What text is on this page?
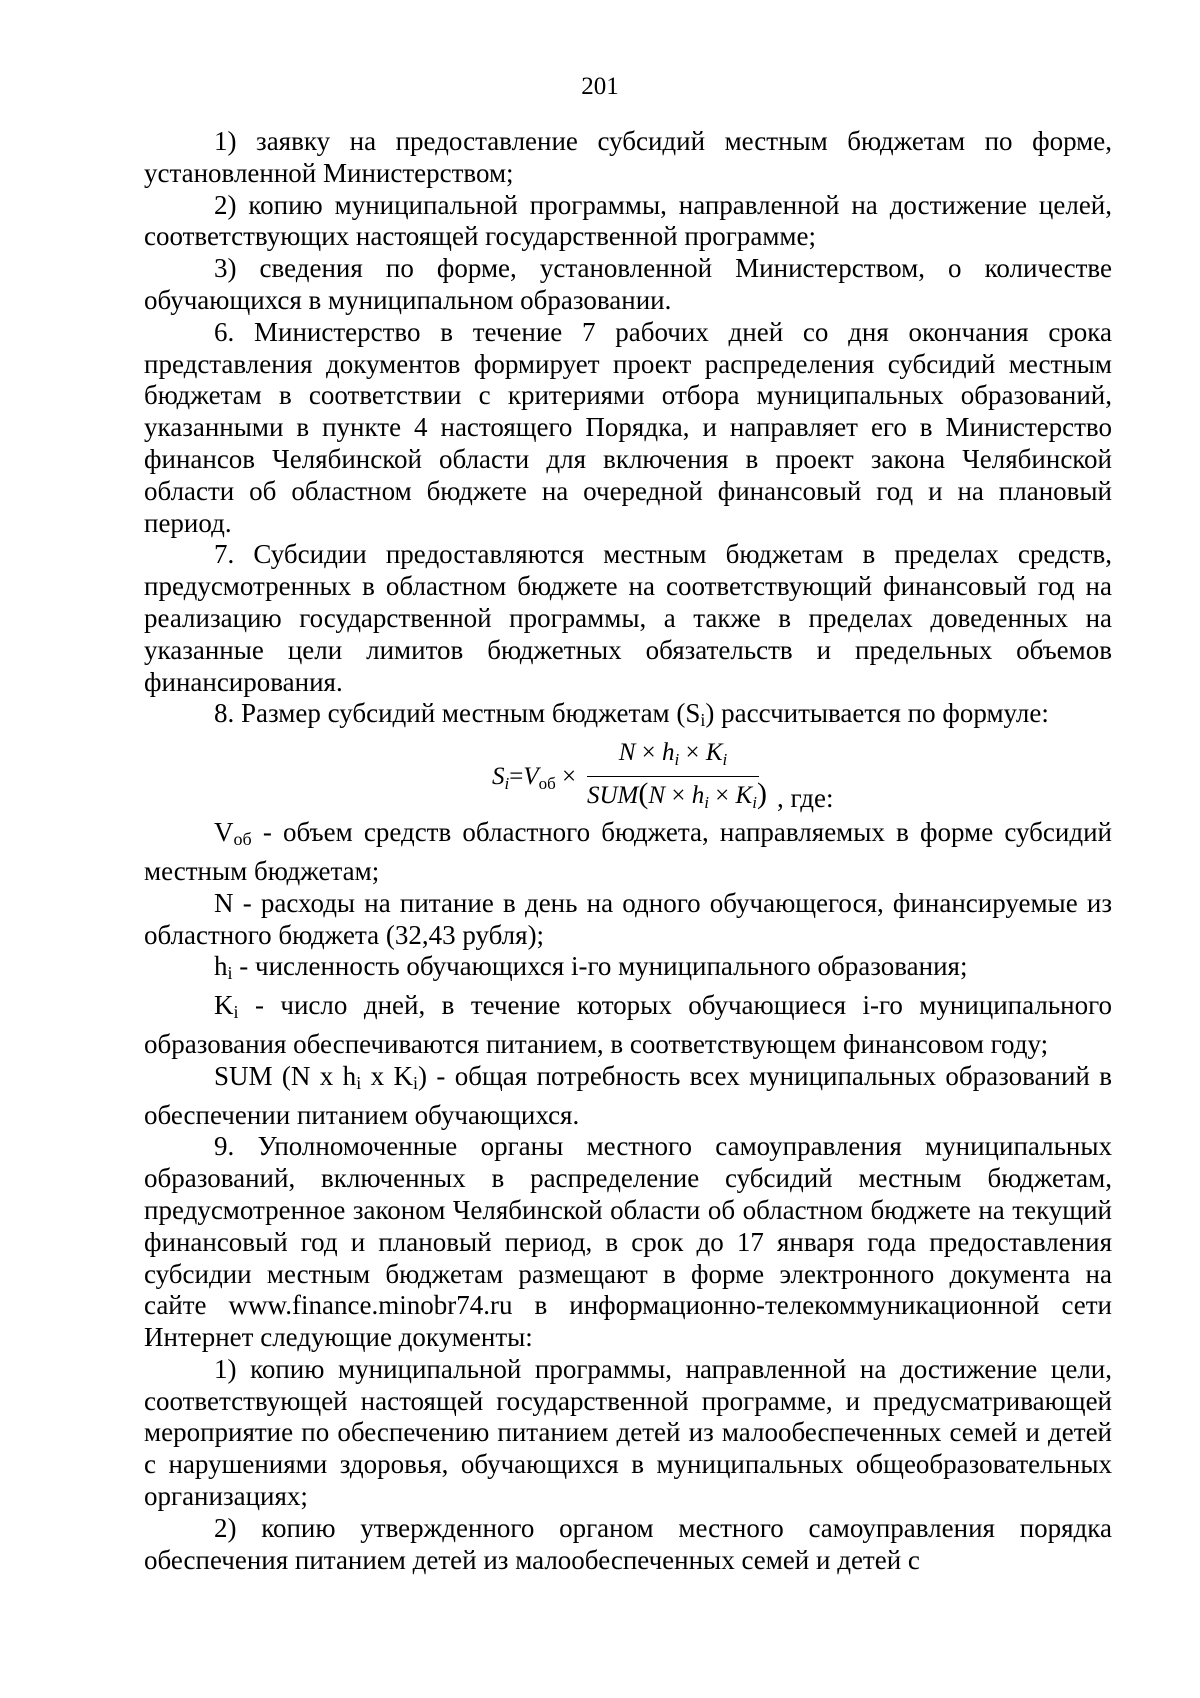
201

1) заявку на предоставление субсидий местным бюджетам по форме, установленной Министерством;

2) копию муниципальной программы, направленной на достижение целей, соответствующих настоящей государственной программе;

3) сведения по форме, установленной Министерством, о количестве обучающихся в муниципальном образовании.

6. Министерство в течение 7 рабочих дней со дня окончания срока представления документов формирует проект распределения субсидий местным бюджетам в соответствии с критериями отбора муниципальных образований, указанными в пункте 4 настоящего Порядка, и направляет его в Министерство финансов Челябинской области для включения в проект закона Челябинской области об областном бюджете на очередной финансовый год и на плановый период.

7. Субсидии предоставляются местным бюджетам в пределах средств, предусмотренных в областном бюджете на соответствующий финансовый год на реализацию государственной программы, а также в пределах доведенных на указанные цели лимитов бюджетных обязательств и предельных объемов финансирования.

8. Размер субсидий местным бюджетам (Si) рассчитывается по формуле:

$S_i=V_{об}$ ×
$N \times h_i \times K_i$
$SUM(N \times h_i \times K_i)$ , где:

Vоб - объем средств областного бюджета, направляемых в форме субсидий местным бюджетам;

N - расходы на питание в день на одного обучающегося, финансируемые из областного бюджета (32,43 рубля);

hi - численность обучающихся i-го муниципального образования;

Ki - число дней, в течение которых обучающиеся i-го муниципального образования обеспечиваются питанием, в соответствующем финансовом году;

SUM (N x hi x Ki) - общая потребность всех муниципальных образований в обеспечении питанием обучающихся.

9. Уполномоченные органы местного самоуправления муниципальных образований, включенных в распределение субсидий местным бюджетам, предусмотренное законом Челябинской области об областном бюджете на текущий финансовый год и плановый период, в срок до 17 января года предоставления субсидии местным бюджетам размещают в форме электронного документа на сайте www.finance.minobr74.ru в информационно-телекоммуникационной сети Интернет следующие документы:

1) копию муниципальной программы, направленной на достижение цели, соответствующей настоящей государственной программе, и предусматривающей мероприятие по обеспечению питанием детей из малообеспеченных семей и детей с нарушениями здоровья, обучающихся в муниципальных общеобразовательных организациях;

2) копию утвержденного органом местного самоуправления порядка обеспечения питанием детей из малообеспеченных семей и детей с
